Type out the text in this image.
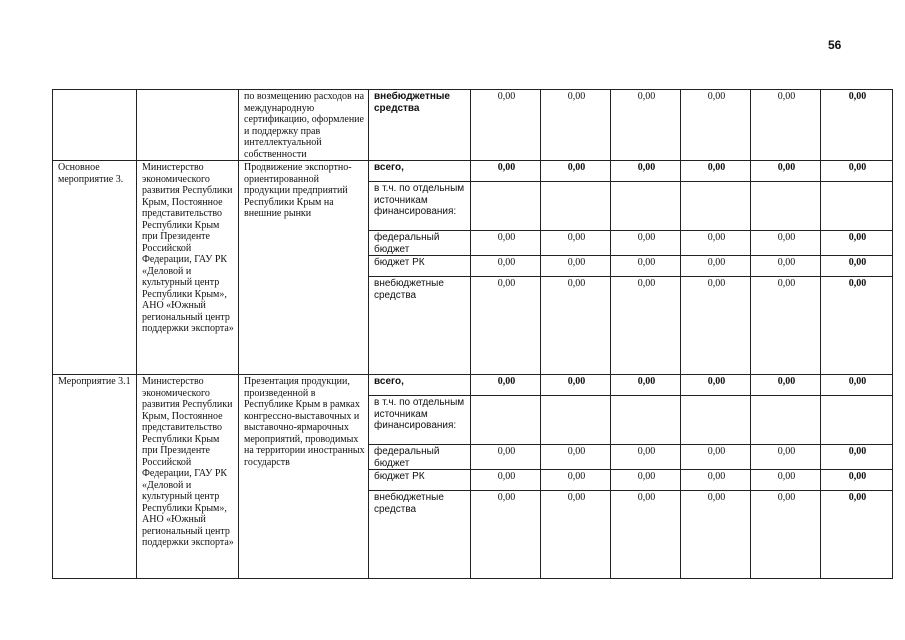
56
		по возмещению расходов на международную сертификацию, оформление и поддержку прав интеллектуальной собственности	внебюджетные средства	0,00	0,00	0,00	0,00	0,00	0,00
Основное мероприятие 3.	Министерство экономического развития Республики Крым, Постоянное представительство Республики Крым при Президенте Российской Федерации, ГАУ РК «Деловой и культурный центр Республики Крым», АНО «Южный региональный центр поддержки экспорта»	Продвижение экспортно-ориентированной продукции предприятий Республики Крым на внешние рынки	всего,	0,00	0,00	0,00	0,00	0,00	0,00
			в т.ч. по отдельным источникам финансирования:						
			федеральный бюджет	0,00	0,00	0,00	0,00	0,00	0,00
			бюджет РК	0,00	0,00	0,00	0,00	0,00	0,00
			внебюджетные средства	0,00	0,00	0,00	0,00	0,00	0,00
Мероприятие 3.1	Министерство экономического развития Республики Крым, Постоянное представительство Республики Крым при Президенте Российской Федерации, ГАУ РК «Деловой и культурный центр Республики Крым», АНО «Южный региональный центр поддержки экспорта»	Презентация продукции, произведенной в Республике Крым в рамках конгрессно-выставочных и выставочно-ярмарочных мероприятий, проводимых на территории иностранных государств	всего,	0,00	0,00	0,00	0,00	0,00	0,00
			в т.ч. по отдельным источникам финансирования:						
			федеральный бюджет	0,00	0,00	0,00	0,00	0,00	0,00
			бюджет РК	0,00	0,00	0,00	0,00	0,00	0,00
			внебюджетные средства	0,00	0,00	0,00	0,00	0,00	0,00
